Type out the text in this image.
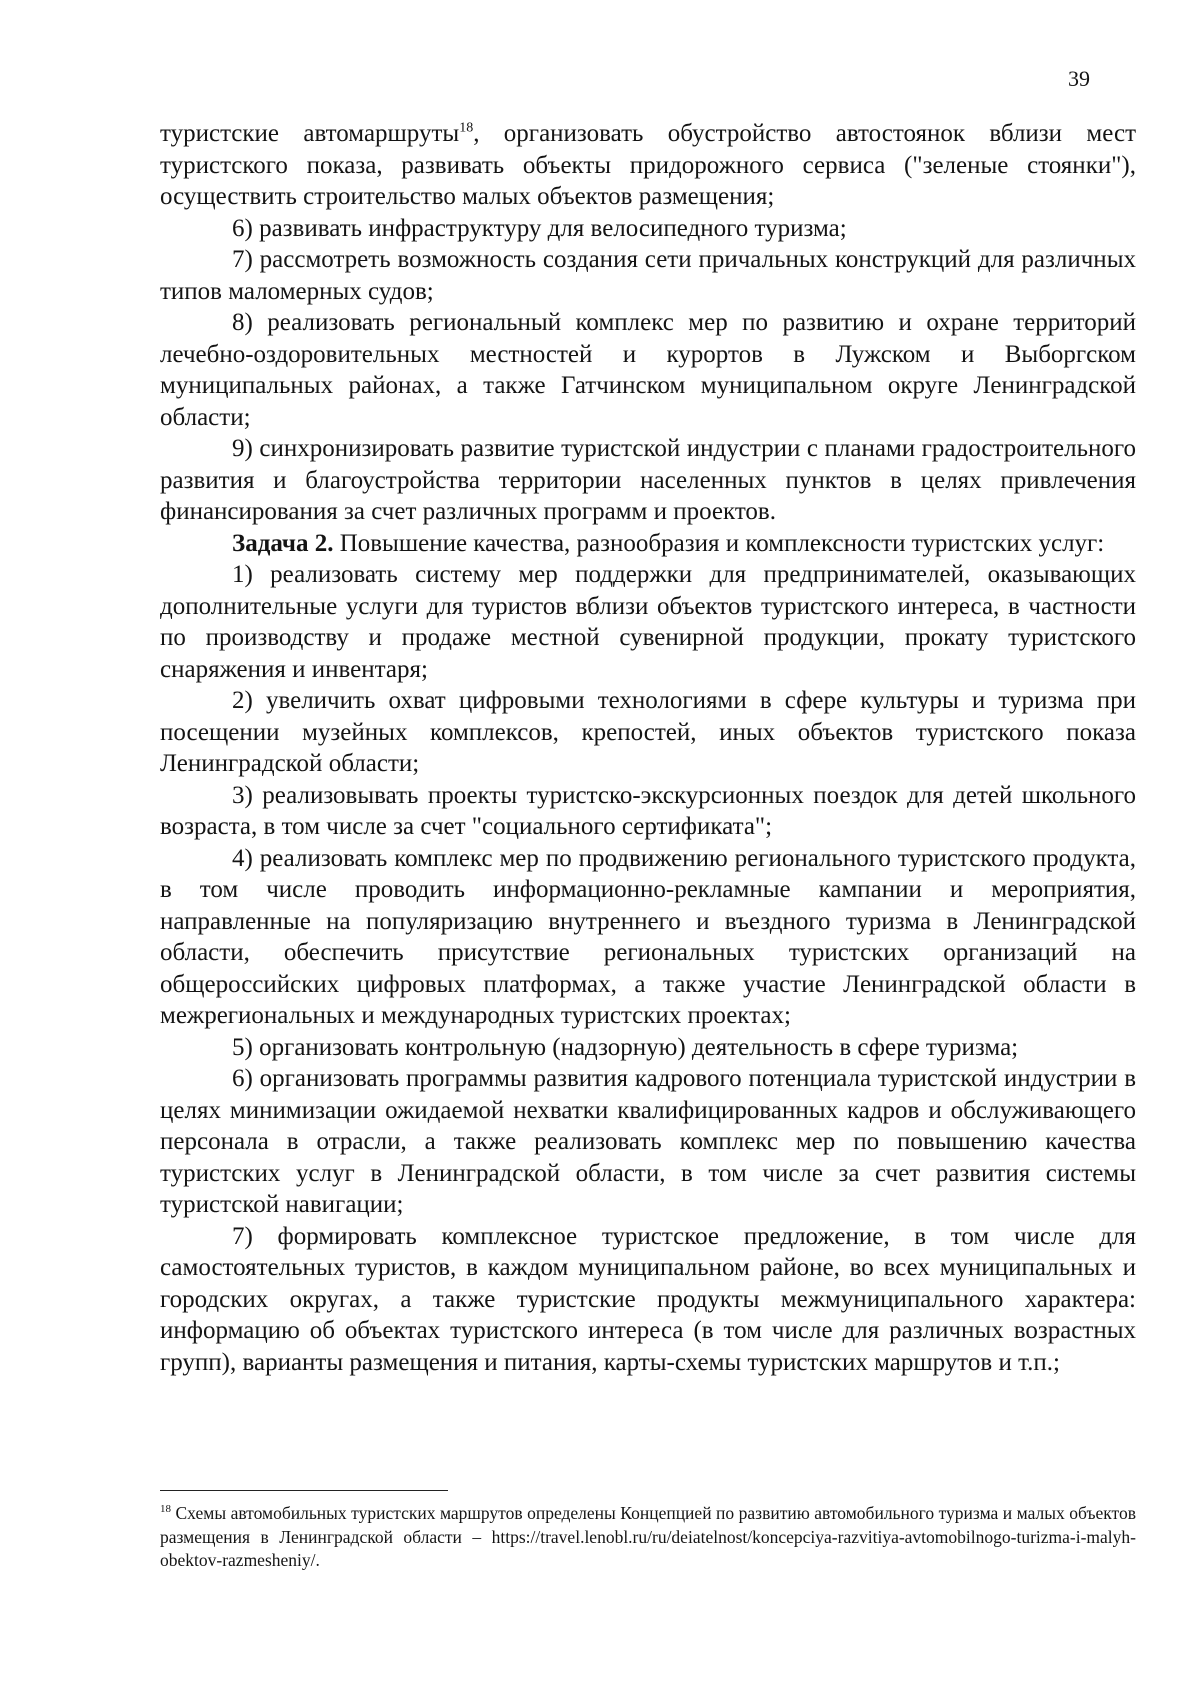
39

туристские автомаршруты$^{18}$, организовать обустройство автостоянок вблизи мест туристского показа, развивать объекты придорожного сервиса ("зеленые стоянки"), осуществить строительство малых объектов размещения;

6) развивать инфраструктуру для велосипедного туризма;

7) рассмотреть возможность создания сети причальных конструкций для различных типов маломерных судов;

8) реализовать региональный комплекс мер по развитию и охране территорий лечебно-оздоровительных местностей и курортов в Лужском и Выборгском муниципальных районах, а также Гатчинском муниципальном округе Ленинградской области;

9) синхронизировать развитие туристской индустрии с планами градостроительного развития и благоустройства территории населенных пунктов в целях привлечения финансирования за счет различных программ и проектов.

Задача 2. Повышение качества, разнообразия и комплексности туристских услуг:

1) реализовать систему мер поддержки для предпринимателей, оказывающих дополнительные услуги для туристов вблизи объектов туристского интереса, в частности по производству и продаже местной сувенирной продукции, прокату туристского снаряжения и инвентаря;

2) увеличить охват цифровыми технологиями в сфере культуры и туризма при посещении музейных комплексов, крепостей, иных объектов туристского показа Ленинградской области;

3) реализовывать проекты туристско-экскурсионных поездок для детей школьного возраста, в том числе за счет "социального сертификата";

4) реализовать комплекс мер по продвижению регионального туристского продукта, в том числе проводить информационно-рекламные кампании и мероприятия, направленные на популяризацию внутреннего и въездного туризма в Ленинградской области, обеспечить присутствие региональных туристских организаций на общероссийских цифровых платформах, а также участие Ленинградской области в межрегиональных и международных туристских проектах;

5) организовать контрольную (надзорную) деятельность в сфере туризма;

6) организовать программы развития кадрового потенциала туристской индустрии в целях минимизации ожидаемой нехватки квалифицированных кадров и обслуживающего персонала в отрасли, а также реализовать комплекс мер по повышению качества туристских услуг в Ленинградской области, в том числе за счет развития системы туристской навигации;

7) формировать комплексное туристское предложение, в том числе для самостоятельных туристов, в каждом муниципальном районе, во всех муниципальных и городских округах, а также туристские продукты межмуниципального характера: информацию об объектах туристского интереса (в том числе для различных возрастных групп), варианты размещения и питания, карты-схемы туристских маршрутов и т.п.;

$^{18}$ Схемы автомобильных туристских маршрутов определены Концепцией по развитию автомобильного туризма и малых объектов размещения в Ленинградской области – https://travel.lenobl.ru/ru/deiatelnost/koncepciya-razvitiya-avtomobilnogo-turizma-i-malyh-obektov-razmesheniy/.
